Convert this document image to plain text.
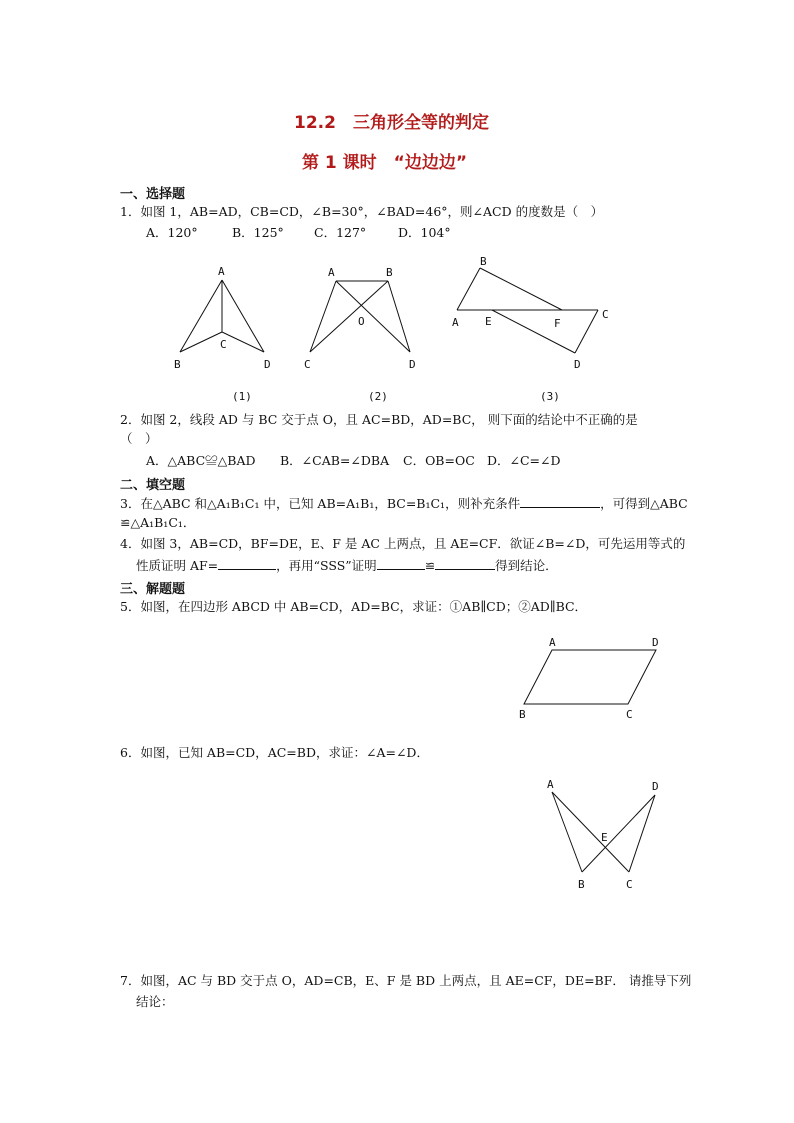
12.2　三角形全等的判定
第 1 课时　“边边边”
一、选择题
1．如图 1，AB=AD，CB=CD，∠B=30°，∠BAD=46°，则∠ACD 的度数是（　）
A．120°	B．125° C．127°	D．104°
A
B
C
D
A	B
O
C	D
B
A E	F
C
D
(1)	(2)	(3)
2．如图 2，线段 AD 与 BC 交于点 O，且 AC=BD，AD=BC， 则下面的结论中不正确的是
（　）
A．△ABC≌△BAD B．∠CAB=∠DBA C．OB=OC D．∠C=∠D
二、填空题
3．在△ABC 和△A₁B₁C₁ 中，已知 AB=A₁B₁，BC=B₁C₁，则补充条件	，可得到△ABC
≌△A₁B₁C₁．
4．如图 3，AB=CD，BF=DE，E、F 是 AC 上两点，且 AE=CF．欲证∠B=∠D，可先运用等式的
性质证明 AF=	，再用“SSS”证明	≌	得到结论．
三、解题题
5．如图，在四边形 ABCD 中 AB=CD，AD=BC，求证：①AB∥CD；②AD∥BC．
A	D
B	C
6．如图，已知 AB=CD，AC=BD，求证：∠A=∠D．
A	D
E
B	C
7．如图，AC 与 BD 交于点 O，AD=CB，E、F 是 BD 上两点，且 AE=CF，DE=BF． 请推导下列
结论：
